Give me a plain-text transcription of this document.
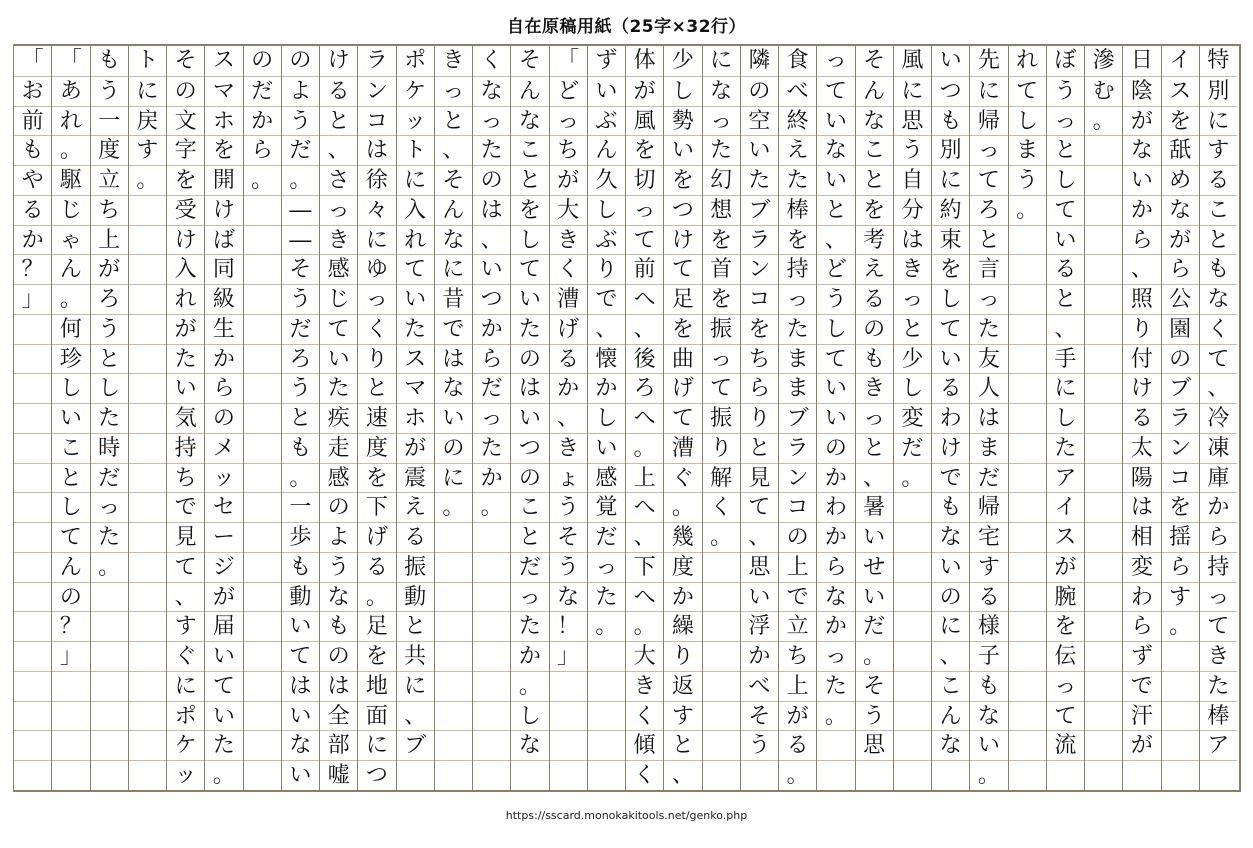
自在原稿用紙（25字×32行）
特
別
に
す
る
こ
と
も
な
く
て
、
冷
凍
庫
か
ら
持
っ
て
き
た
棒
ア
イ
ス
を
舐
め
な
が
ら
公
園
の
ブ
ラ
ン
コ
を
揺
ら
す
。
日
陰
が
な
い
か
ら
、
照
り
付
け
る
太
陽
は
相
変
わ
ら
ず
で
汗
が
滲
む
。
ぼ
う
っ
と
し
て
い
る
と
、
手
に
し
た
ア
イ
ス
が
腕
を
伝
っ
て
流
れ
て
し
ま
う
。
先
に
帰
っ
て
ろ
と
言
っ
た
友
人
は
ま
だ
帰
宅
す
る
様
子
も
な
い
。
い
つ
も
別
に
約
束
を
し
て
い
る
わ
け
で
も
な
い
の
に
、
こ
ん
な
風
に
思
う
自
分
は
き
っ
と
少
し
変
だ
。
そ
ん
な
こ
と
を
考
え
る
の
も
き
っ
と
、
暑
い
せ
い
だ
。
そ
う
思
っ
て
い
な
い
と
、
ど
う
し
て
い
い
の
か
わ
か
ら
な
か
っ
た
。
食
べ
終
え
た
棒
を
持
っ
た
ま
ま
ブ
ラ
ン
コ
の
上
で
立
ち
上
が
る
。
隣
の
空
い
た
ブ
ラ
ン
コ
を
ち
ら
り
と
見
て
、
思
い
浮
か
べ
そ
う
に
な
っ
た
幻
想
を
首
を
振
っ
て
振
り
解
く
。
少
し
勢
い
を
つ
け
て
足
を
曲
げ
て
漕
ぐ
。
幾
度
か
繰
り
返
す
と
、
体
が
風
を
切
っ
て
前
へ
、
後
ろ
へ
。
上
へ
、
下
へ
。
大
き
く
傾
く
ず
い
ぶ
ん
久
し
ぶ
り
で
、
懐
か
し
い
感
覚
だ
っ
た
。
「
ど
っ
ち
が
大
き
く
漕
げ
る
か
、
き
ょ
う
そ
う
な
！
」
そ
ん
な
こ
と
を
し
て
い
た
の
は
い
つ
の
こ
と
だ
っ
た
か
。
し
な
く
な
っ
た
の
は
、
い
つ
か
ら
だ
っ
た
か
。
き
っ
と
、
そ
ん
な
に
昔
で
は
な
い
の
に
。
ポ
ケ
ッ
ト
に
入
れ
て
い
た
ス
マ
ホ
が
震
え
る
振
動
と
共
に
、
ブ
ラ
ン
コ
は
徐
々
に
ゆ
っ
く
り
と
速
度
を
下
げ
る
。
足
を
地
面
に
つ
け
る
と
、
さ
っ
き
感
じ
て
い
た
疾
走
感
の
よ
う
な
も
の
は
全
部
嘘
の
よ
う
だ
。
―
―
そ
う
だ
ろ
う
と
も
。
一
歩
も
動
い
て
は
い
な
い
の
だ
か
ら
。
ス
マ
ホ
を
開
け
ば
同
級
生
か
ら
の
メ
ッ
セ
ー
ジ
が
届
い
て
い
た
。
そ
の
文
字
を
受
け
入
れ
が
た
い
気
持
ち
で
見
て
、
す
ぐ
に
ポ
ケ
ッ
ト
に
戻
す
。
も
う
一
度
立
ち
上
が
ろ
う
と
し
た
時
だ
っ
た
。
「
あ
れ
。
駆
じ
ゃ
ん
。
何
珍
し
い
こ
と
し
て
ん
の
？
」
「
お
前
も
や
る
か
？
」
https://sscard.monokakitools.net/genko.php
